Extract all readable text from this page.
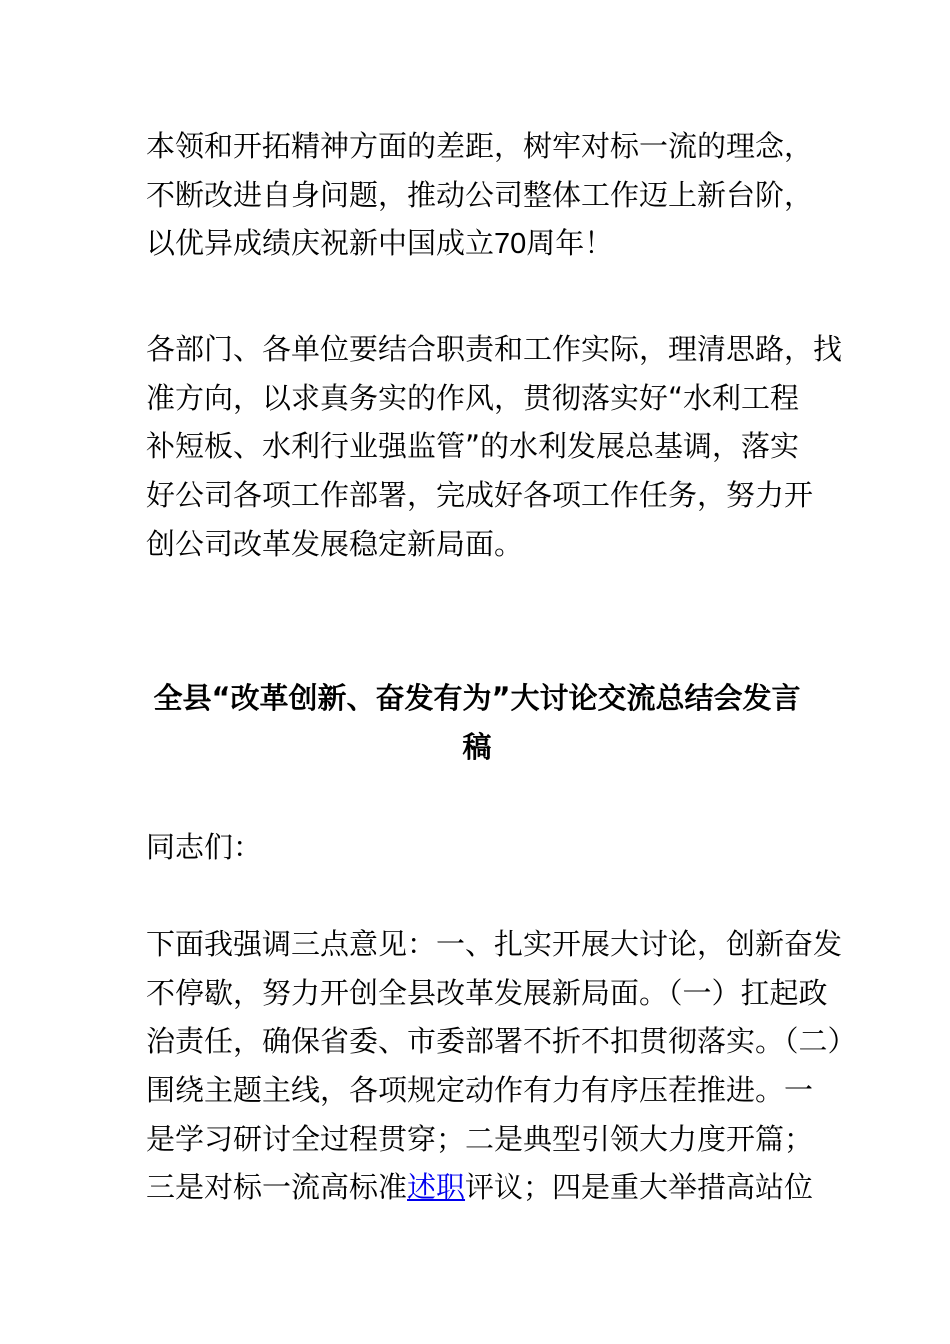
本领和开拓精神方面的差距，树牢对标一流的理念，
不断改进自身问题，推动公司整体工作迈上新台阶，
以优异成绩庆祝新中国成立70周年！

各部门、各单位要结合职责和工作实际，理清思路，找
准方向，以求真务实的作风，贯彻落实好“水利工程
补短板、水利行业强监管”的水利发展总基调，落实
好公司各项工作部署，完成好各项工作任务，努力开
创公司改革发展稳定新局面。

全县“改革创新、奋发有为”大讨论交流总结会发言
稿

同志们：

下面我强调三点意见：一、扎实开展大讨论，创新奋发
不停歇，努力开创全县改革发展新局面。（一）扛起政
治责任，确保省委、市委部署不折不扣贯彻落实。（二）
围绕主题主线，各项规定动作有力有序压茬推进。一
是学习研讨全过程贯穿；二是典型引领大力度开篇；
三是对标一流高标准述职评议；四是重大举措高站位
